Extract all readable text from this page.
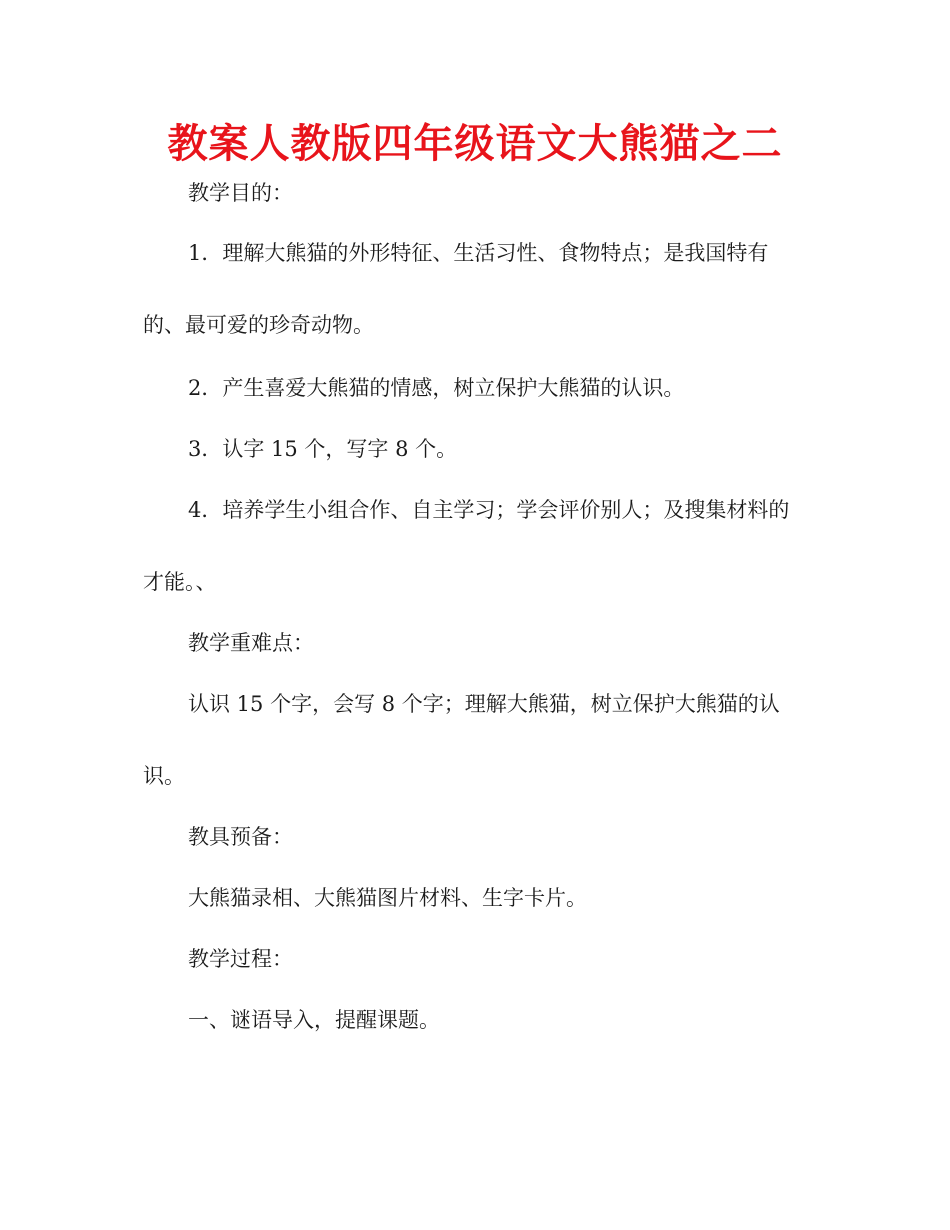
教案人教版四年级语文大熊猫之二

教学目的：

1．理解大熊猫的外形特征、生活习性、食物特点；是我国特有

的、最可爱的珍奇动物。

2．产生喜爱大熊猫的情感，树立保护大熊猫的认识。

3．认字 15 个，写字 8 个。

4．培养学生小组合作、自主学习；学会评价别人；及搜集材料的

才能。、

教学重难点：

认识 15 个字，会写 8 个字；理解大熊猫，树立保护大熊猫的认

识。

教具预备：

大熊猫录相、大熊猫图片材料、生字卡片。

教学过程：

一、谜语导入，提醒课题。
